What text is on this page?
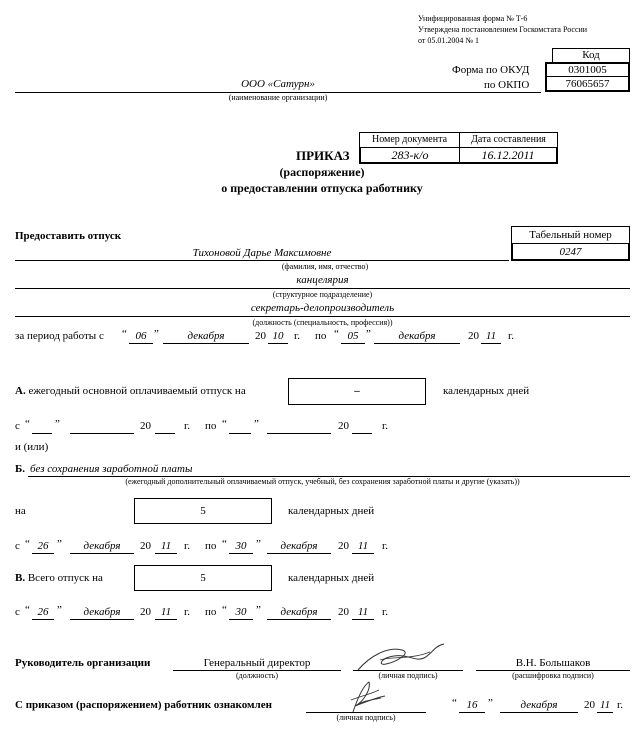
Унифицированная форма № Т-6
Утверждена постановлением Госкомстата России
от 05.01.2004 № 1
Код
Форма по ОКУД	0301005
по ОКПО	76065657
ООО «Сатурн»
(наименование организации)
Номер документа	Дата составления
283-к/о	16.12.2011
ПРИКАЗ
(распоряжение)
о предоставлении отпуска работнику
Предоставить отпуск	Табельный номер
0247
Тихоновой Дарье Максимовне
(фамилия, имя, отчество)
канцелярия
(структурное подразделение)
секретарь-делопроизводитель
(должность (специальность, профессия))
за период работы с “ 06 ”	декабря	20 10 г. по “ 05 ”	декабря	20 11	г.
А. ежегодный основной оплачиваемый отпуск на	–	календарных дней
с “ ”	20	г. по “ ”	20	г.
и (или)
Б. без сохранения заработной платы
(ежегодный дополнительный оплачиваемый отпуск, учебный, без сохранения заработной платы и другие (указать))
на	5	календарных дней
с “ 26 ”	декабря	20 11	г. по “ 30 ”	декабря	20 11	г.
В. Всего отпуск на	5	календарных дней
с “ 26 ”	декабря	20 11	г. по “ 30 ”	декабря	20 11	г.
Руководитель организации	Генеральный директор
(должность)	(личная подпись)
В.Н. Большаков
(расшифровка подписи)
С приказом (распоряжением) работник ознакомлен
(личная подпись)
“ 16 ”	декабря	20 11 г.
